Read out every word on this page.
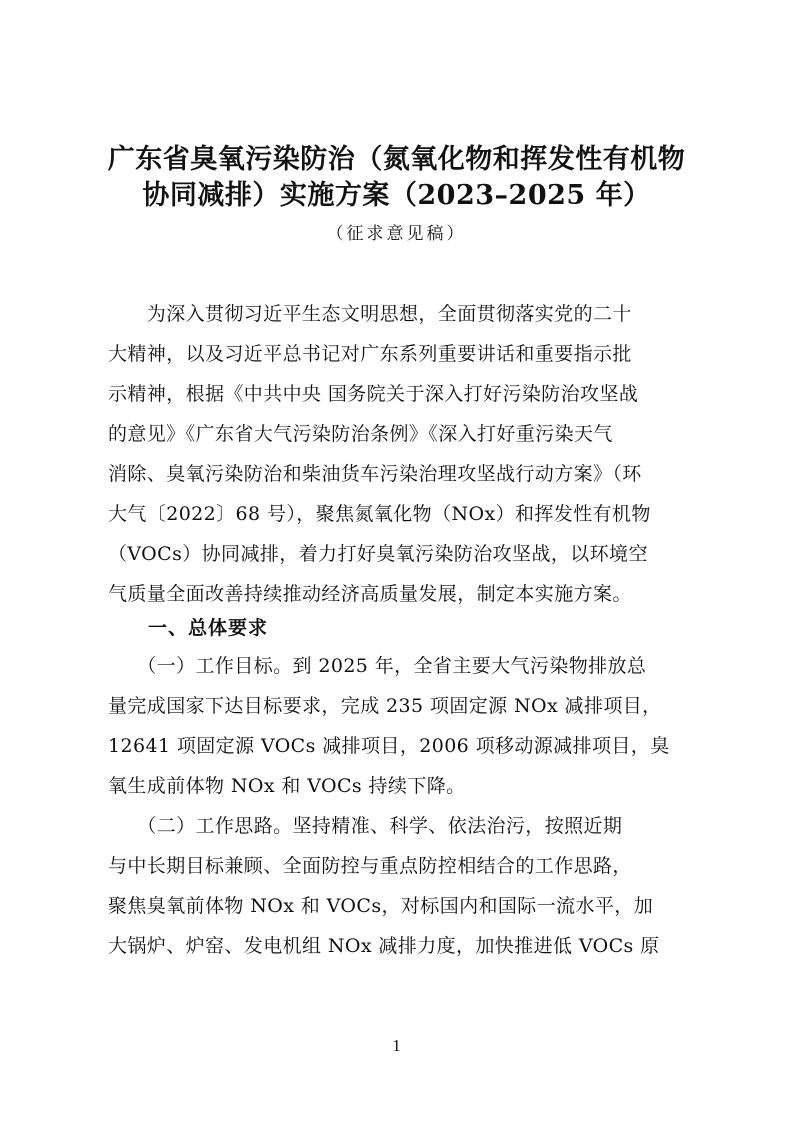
广东省臭氧污染防治（氮氧化物和挥发性有机物
协同减排）实施方案（2023–2025 年）
（征求意见稿）
　　为深入贯彻习近平生态文明思想，全面贯彻落实党的二十
大精神，以及习近平总书记对广东系列重要讲话和重要指示批
示精神，根据《中共中央 国务院关于深入打好污染防治攻坚战
的意见》《广东省大气污染防治条例》《深入打好重污染天气
消除、臭氧污染防治和柴油货车污染治理攻坚战行动方案》（环
大气〔2022〕68 号），聚焦氮氧化物（NOx）和挥发性有机物
（VOCs）协同减排，着力打好臭氧污染防治攻坚战，以环境空
气质量全面改善持续推动经济高质量发展，制定本实施方案。
一、总体要求
　　（一）工作目标。到 2025 年，全省主要大气污染物排放总
量完成国家下达目标要求，完成 235 项固定源 NOx 减排项目，
12641 项固定源 VOCs 减排项目，2006 项移动源减排项目，臭
氧生成前体物 NOx 和 VOCs 持续下降。
　　（二）工作思路。坚持精准、科学、依法治污，按照近期
与中长期目标兼顾、全面防控与重点防控相结合的工作思路，
聚焦臭氧前体物 NOx 和 VOCs，对标国内和国际一流水平，加
大锅炉、炉窑、发电机组 NOx 减排力度，加快推进低 VOCs 原
1
